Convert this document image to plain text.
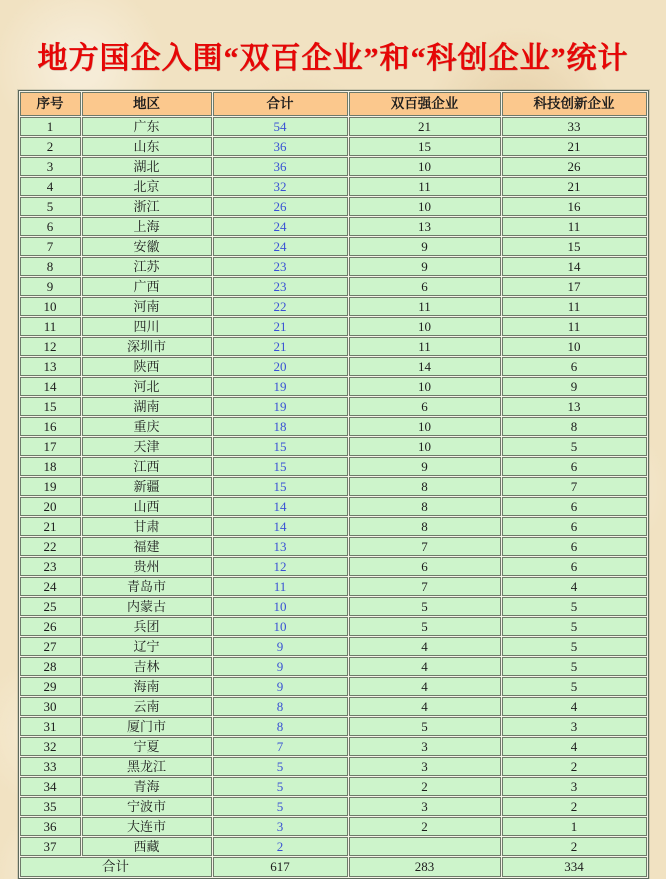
地方国企入围“双百企业”和“科创企业”统计
序号	地区	合计	双百强企业	科技创新企业
1	广东	54	21	33
2	山东	36	15	21
3	湖北	36	10	26
4	北京	32	11	21
5	浙江	26	10	16
6	上海	24	13	11
7	安徽	24	9	15
8	江苏	23	9	14
9	广西	23	6	17
10	河南	22	11	11
11	四川	21	10	11
12	深圳市	21	11	10
13	陕西	20	14	6
14	河北	19	10	9
15	湖南	19	6	13
16	重庆	18	10	8
17	天津	15	10	5
18	江西	15	9	6
19	新疆	15	8	7
20	山西	14	8	6
21	甘肃	14	8	6
22	福建	13	7	6
23	贵州	12	6	6
24	青岛市	11	7	4
25	内蒙古	10	5	5
26	兵团	10	5	5
27	辽宁	9	4	5
28	吉林	9	4	5
29	海南	9	4	5
30	云南	8	4	4
31	厦门市	8	5	3
32	宁夏	7	3	4
33	黑龙江	5	3	2
34	青海	5	2	3
35	宁波市	5	3	2
36	大连市	3	2	1
37	西藏	2		2
合计		617	283	334
